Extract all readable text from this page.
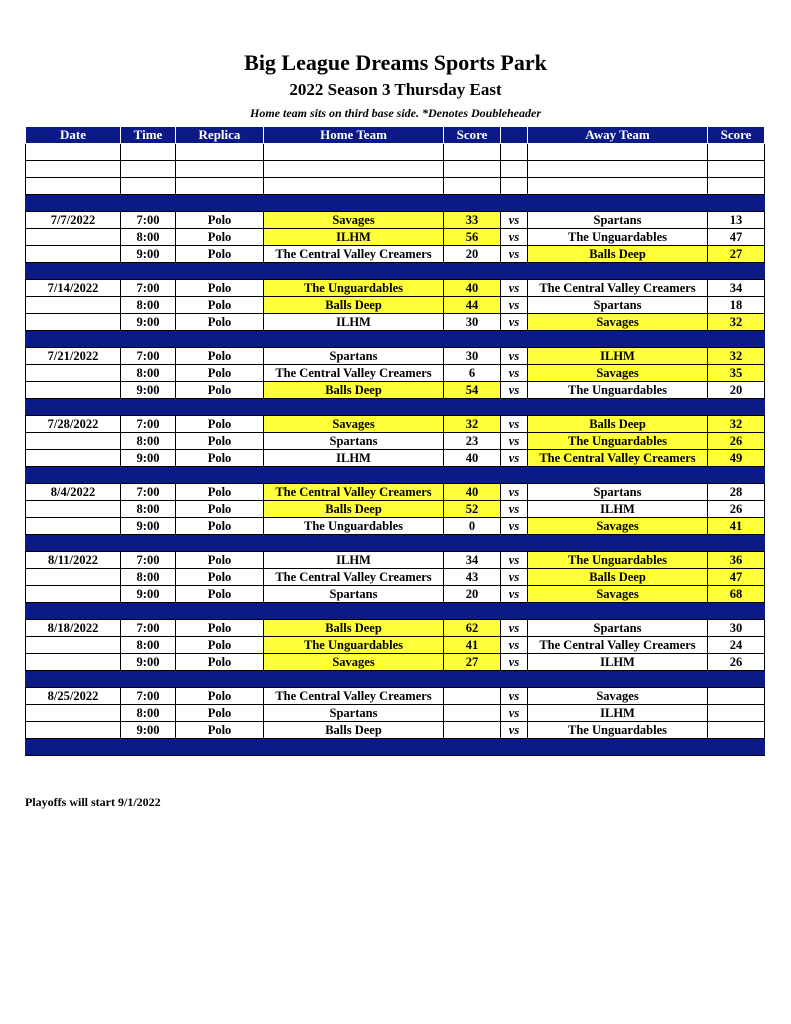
Big League Dreams Sports Park
2022 Season 3 Thursday East
Home team sits on third base side. *Denotes Doubleheader
Date	Time	Replica	Home Team	Score		Away Team	Score

7/7/2022	7:00	Polo	Savages	33	vs	Spartans	13
	8:00	Polo	ILHM	56	vs	The Unguardables	47
	9:00	Polo	The Central Valley Creamers	20	vs	Balls Deep	27

7/14/2022	7:00	Polo	The Unguardables	40	vs	The Central Valley Creamers	34
	8:00	Polo	Balls Deep	44	vs	Spartans	18
	9:00	Polo	ILHM	30	vs	Savages	32

7/21/2022	7:00	Polo	Spartans	30	vs	ILHM	32
	8:00	Polo	The Central Valley Creamers	6	vs	Savages	35
	9:00	Polo	Balls Deep	54	vs	The Unguardables	20

7/28/2022	7:00	Polo	Savages	32	vs	Balls Deep	32
	8:00	Polo	Spartans	23	vs	The Unguardables	26
	9:00	Polo	ILHM	40	vs	The Central Valley Creamers	49

8/4/2022	7:00	Polo	The Central Valley Creamers	40	vs	Spartans	28
	8:00	Polo	Balls Deep	52	vs	ILHM	26
	9:00	Polo	The Unguardables	0	vs	Savages	41

8/11/2022	7:00	Polo	ILHM	34	vs	The Unguardables	36
	8:00	Polo	The Central Valley Creamers	43	vs	Balls Deep	47
	9:00	Polo	Spartans	20	vs	Savages	68

8/18/2022	7:00	Polo	Balls Deep	62	vs	Spartans	30
	8:00	Polo	The Unguardables	41	vs	The Central Valley Creamers	24
	9:00	Polo	Savages	27	vs	ILHM	26

8/25/2022	7:00	Polo	The Central Valley Creamers		vs	Savages	
	8:00	Polo	Spartans		vs	ILHM	
	9:00	Polo	Balls Deep		vs	The Unguardables	

Playoffs will start 9/1/2022
